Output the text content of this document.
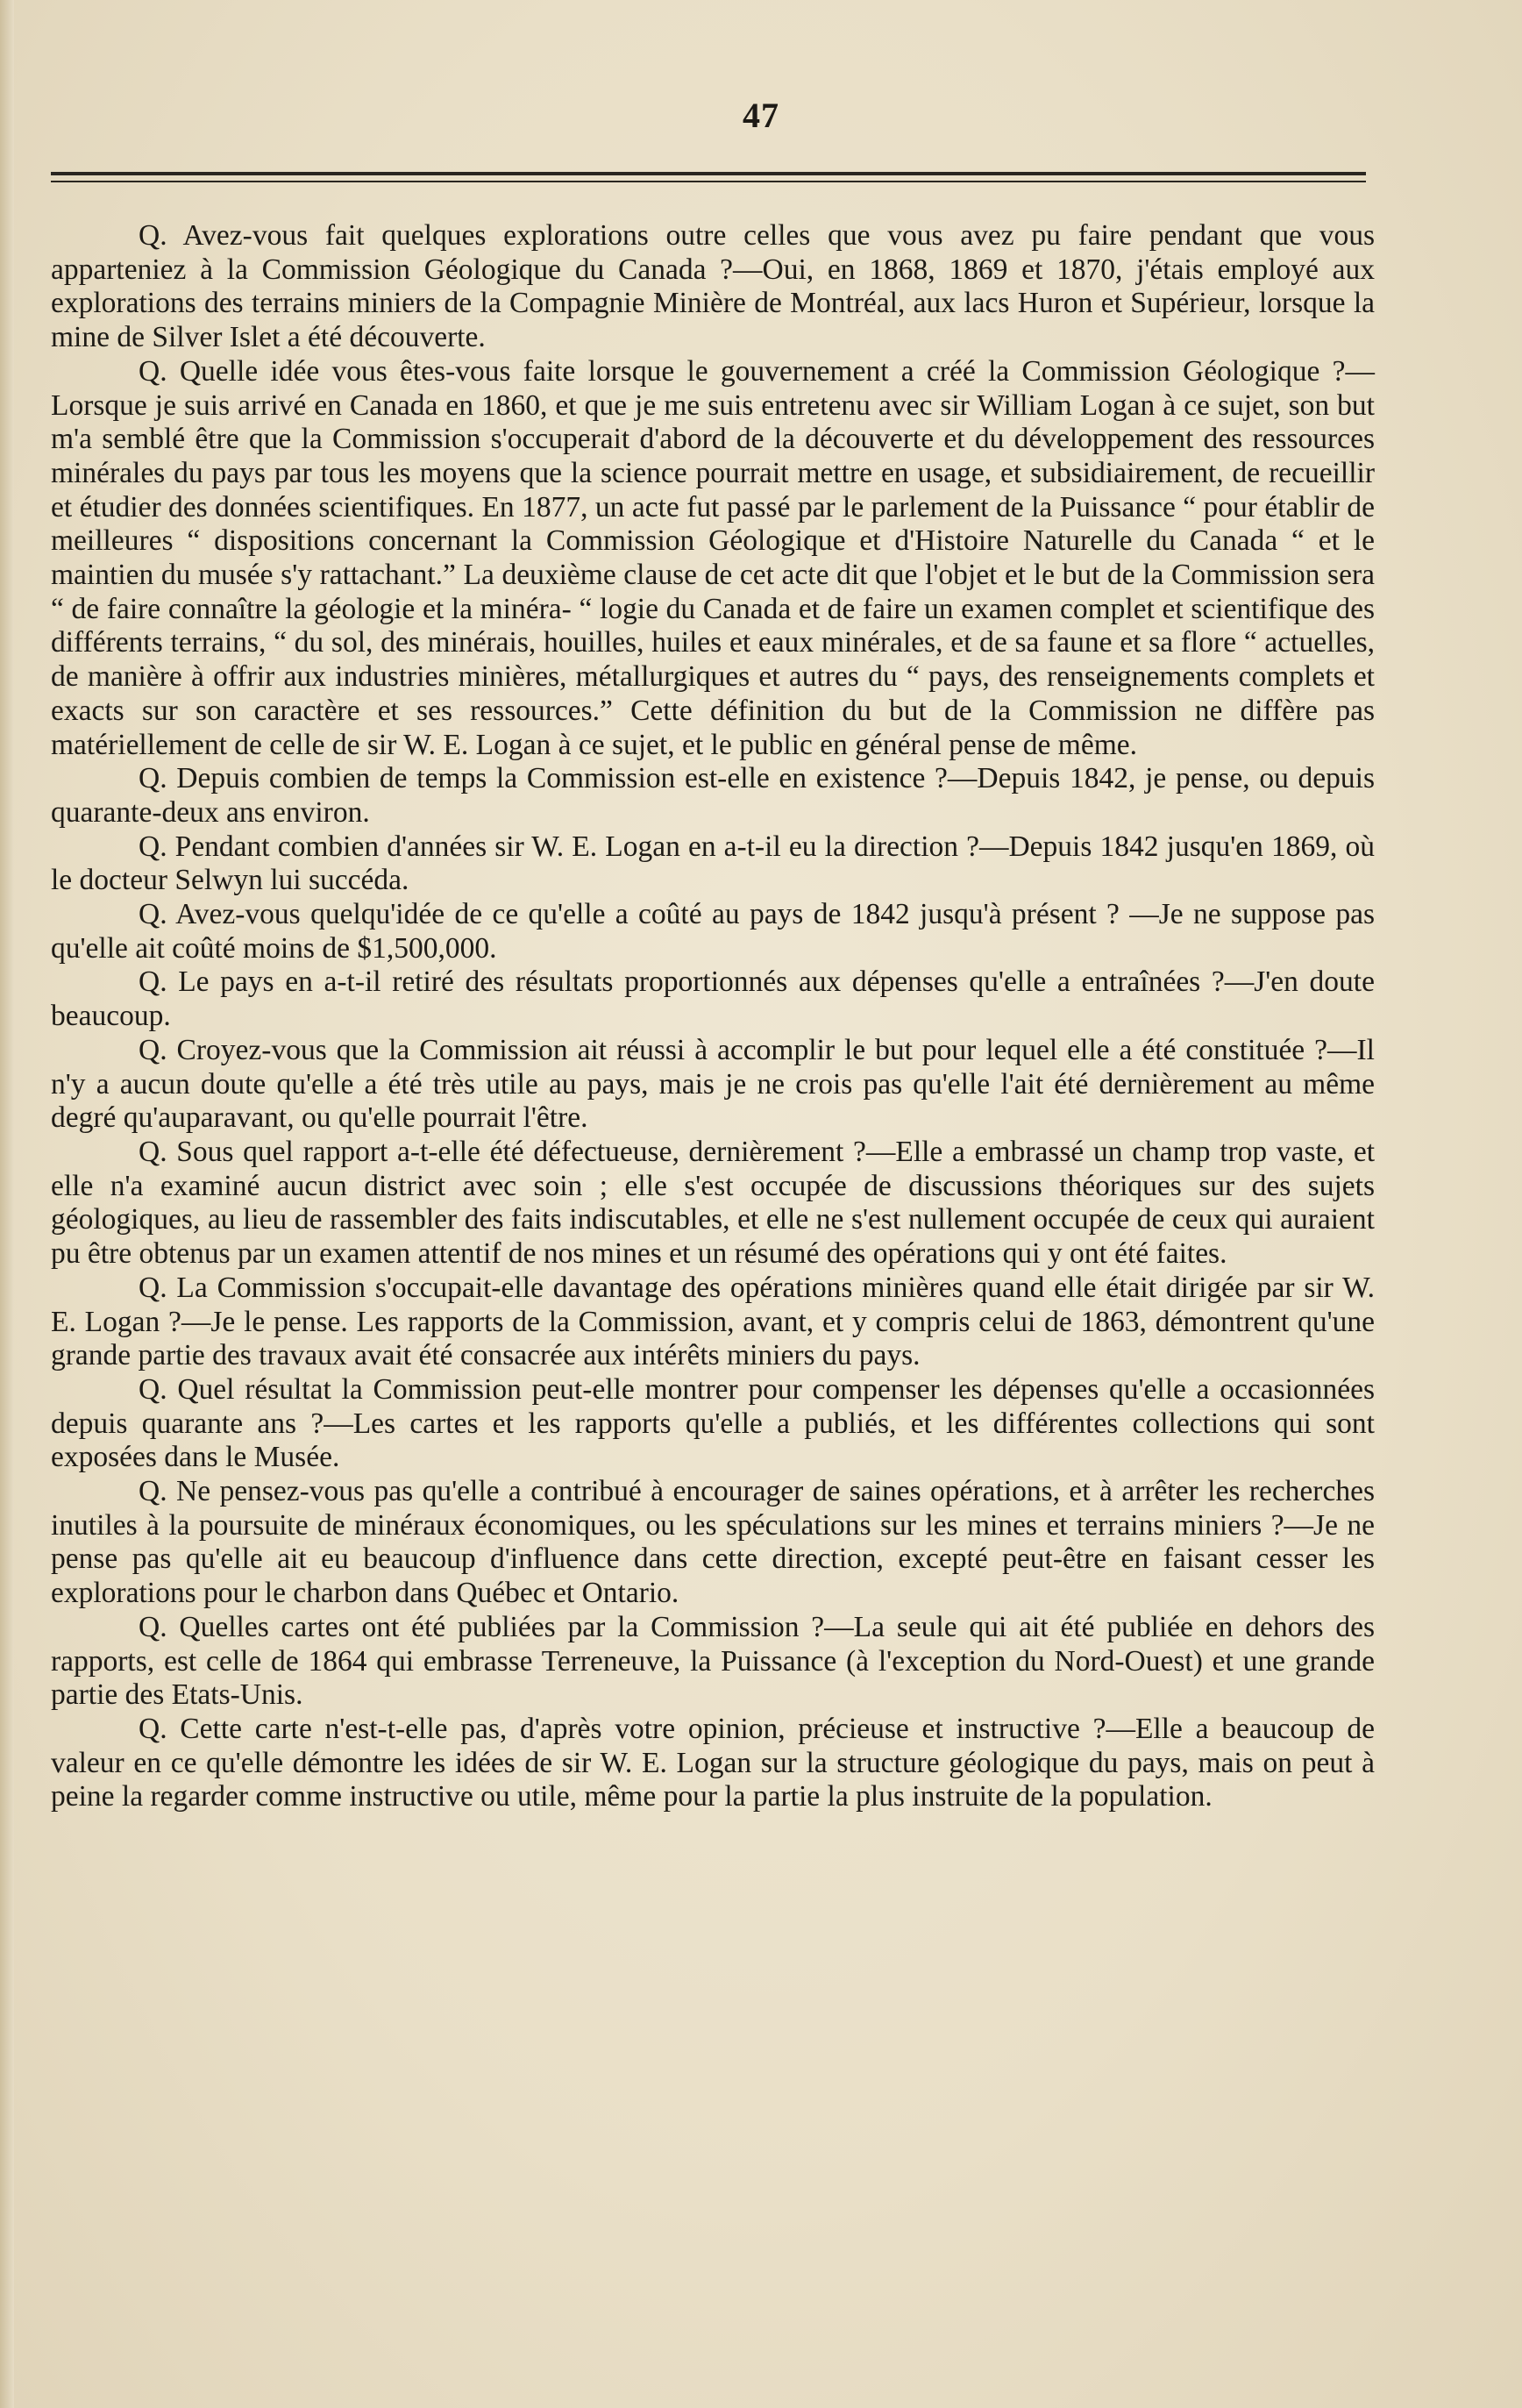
47

Q. Avez-vous fait quelques explorations outre celles que vous avez pu faire pendant que vous apparteniez à la Commission Géologique du Canada ?—Oui, en 1868, 1869 et 1870, j'étais employé aux explorations des terrains miniers de la Compagnie Minière de Montréal, aux lacs Huron et Supérieur, lorsque la mine de Silver Islet a été découverte.

Q. Quelle idée vous êtes-vous faite lorsque le gouvernement a créé la Commission Géologique ?—Lorsque je suis arrivé en Canada en 1860, et que je me suis entretenu avec sir William Logan à ce sujet, son but m'a semblé être que la Commission s'occuperait d'abord de la découverte et du développement des ressources minérales du pays par tous les moyens que la science pourrait mettre en usage, et subsidiairement, de recueillir et étudier des données scientifiques. En 1877, un acte fut passé par le parlement de la Puissance “ pour établir de meilleures “ dispositions concernant la Commission Géologique et d'Histoire Naturelle du Canada “ et le maintien du musée s'y rattachant.” La deuxième clause de cet acte dit que l'objet et le but de la Commission sera “ de faire connaître la géologie et la minéra- “ logie du Canada et de faire un examen complet et scientifique des différents terrains, “ du sol, des minérais, houilles, huiles et eaux minérales, et de sa faune et sa flore “ actuelles, de manière à offrir aux industries minières, métallurgiques et autres du “ pays, des renseignements complets et exacts sur son caractère et ses ressources.” Cette définition du but de la Commission ne diffère pas matériellement de celle de sir W. E. Logan à ce sujet, et le public en général pense de même.

Q. Depuis combien de temps la Commission est-elle en existence ?—Depuis 1842, je pense, ou depuis quarante-deux ans environ.

Q. Pendant combien d'années sir W. E. Logan en a-t-il eu la direction ?—Depuis 1842 jusqu'en 1869, où le docteur Selwyn lui succéda.

Q. Avez-vous quelqu'idée de ce qu'elle a coûté au pays de 1842 jusqu'à présent ? —Je ne suppose pas qu'elle ait coûté moins de $1,500,000.

Q. Le pays en a-t-il retiré des résultats proportionnés aux dépenses qu'elle a entraînées ?—J'en doute beaucoup.

Q. Croyez-vous que la Commission ait réussi à accomplir le but pour lequel elle a été constituée ?—Il n'y a aucun doute qu'elle a été très utile au pays, mais je ne crois pas qu'elle l'ait été dernièrement au même degré qu'auparavant, ou qu'elle pourrait l'être.

Q. Sous quel rapport a-t-elle été défectueuse, dernièrement ?—Elle a embrassé un champ trop vaste, et elle n'a examiné aucun district avec soin ; elle s'est occupée de discussions théoriques sur des sujets géologiques, au lieu de rassembler des faits indiscutables, et elle ne s'est nullement occupée de ceux qui auraient pu être obtenus par un examen attentif de nos mines et un résumé des opérations qui y ont été faites.

Q. La Commission s'occupait-elle davantage des opérations minières quand elle était dirigée par sir W. E. Logan ?—Je le pense. Les rapports de la Commission, avant, et y compris celui de 1863, démontrent qu'une grande partie des travaux avait été consacrée aux intérêts miniers du pays.

Q. Quel résultat la Commission peut-elle montrer pour compenser les dépenses qu'elle a occasionnées depuis quarante ans ?—Les cartes et les rapports qu'elle a publiés, et les différentes collections qui sont exposées dans le Musée.

Q. Ne pensez-vous pas qu'elle a contribué à encourager de saines opérations, et à arrêter les recherches inutiles à la poursuite de minéraux économiques, ou les spéculations sur les mines et terrains miniers ?—Je ne pense pas qu'elle ait eu beaucoup d'influence dans cette direction, excepté peut-être en faisant cesser les explorations pour le charbon dans Québec et Ontario.

Q. Quelles cartes ont été publiées par la Commission ?—La seule qui ait été publiée en dehors des rapports, est celle de 1864 qui embrasse Terreneuve, la Puissance (à l'exception du Nord-Ouest) et une grande partie des Etats-Unis.

Q. Cette carte n'est-t-elle pas, d'après votre opinion, précieuse et instructive ?—Elle a beaucoup de valeur en ce qu'elle démontre les idées de sir W. E. Logan sur la structure géologique du pays, mais on peut à peine la regarder comme instructive ou utile, même pour la partie la plus instruite de la population.
